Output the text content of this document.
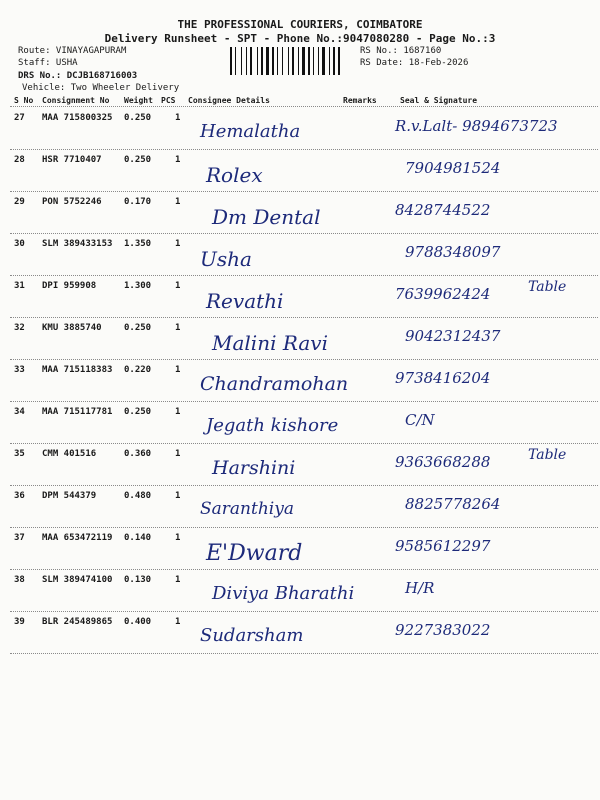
THE PROFESSIONAL COURIERS, COIMBATORE
Delivery Runsheet - SPT - Phone No.:9047080280 - Page No.:3
Route: VINAYAGAPURAM
Staff: USHA
DRS No.: DCJB168716003
Vehicle: Two Wheeler Delivery
RS No.: 1687160
RS Date: 18-Feb-2026
S No Consignment No Weight PCS Consignee Details	Remarks	Seal & Signature
27 MAA 715800325 0.250	1
Hemalatha	R.v.Lalt- 9894673723
28 HSR 7710407 0.250	1
Rolex	7904981524
29 PON 5752246 0.170	1
Dm Dental	8428744522
30 SLM 389433153 1.350	1
Usha	9788348097
31 DPI 959908	1.300	1
Revathi
Table
7639962424
32 KMU 3885740 0.250	1
Malini Ravi	9042312437
33 MAA 715118383 0.220	1
Chandramohan	9738416204
34 MAA 715117781 0.250	1
Jegath kishore	C/N
35 CMM 401516	0.360	1
Harshini
Table
9363668288
36 DPM 544379	0.480	1
Saranthiya	8825778264
37 MAA 653472119 0.140	1
E'Dward	9585612297
38 SLM 389474100 0.130	1
Diviya Bharathi	H/R
39 BLR 245489865 0.400	1
Sudarsham	9227383022
